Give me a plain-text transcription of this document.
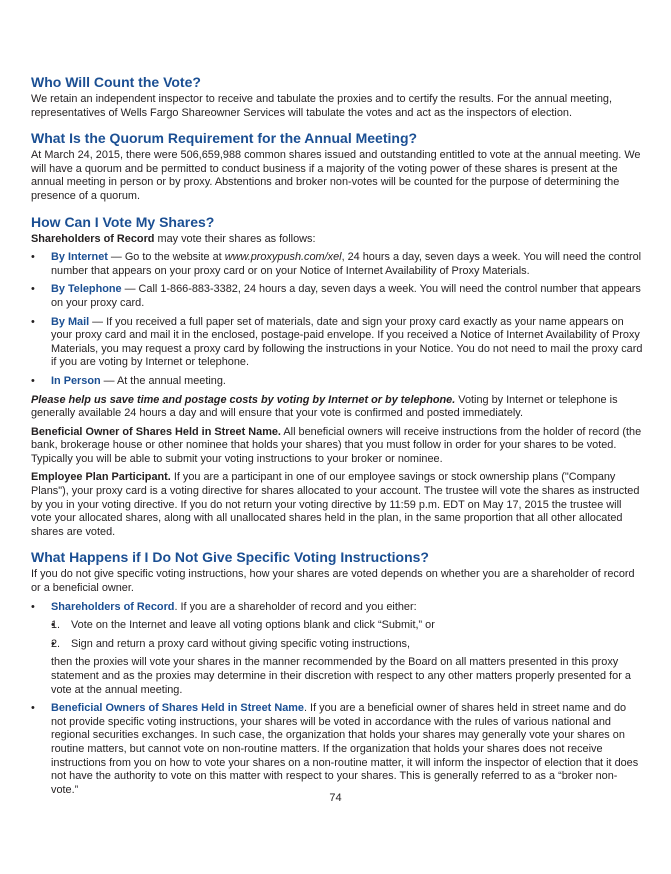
Who Will Count the Vote?

We retain an independent inspector to receive and tabulate the proxies and to certify the results. For the annual meeting, representatives of Wells Fargo Shareowner Services will tabulate the votes and act as the inspectors of election.

What Is the Quorum Requirement for the Annual Meeting?

At March 24, 2015, there were 506,659,988 common shares issued and outstanding entitled to vote at the annual meeting. We will have a quorum and be permitted to conduct business if a majority of the voting power of these shares is present at the annual meeting in person or by proxy. Abstentions and broker non-votes will be counted for the purpose of determining the presence of a quorum.

How Can I Vote My Shares?

Shareholders of Record may vote their shares as follows:

• By Internet — Go to the website at www.proxypush.com/xel, 24 hours a day, seven days a week. You will need the control number that appears on your proxy card or on your Notice of Internet Availability of Proxy Materials.
• By Telephone — Call 1-866-883-3382, 24 hours a day, seven days a week. You will need the control number that appears on your proxy card.
• By Mail — If you received a full paper set of materials, date and sign your proxy card exactly as your name appears on your proxy card and mail it in the enclosed, postage-paid envelope. If you received a Notice of Internet Availability of Proxy Materials, you may request a proxy card by following the instructions in your Notice. You do not need to mail the proxy card if you are voting by Internet or telephone.
• In Person — At the annual meeting.

Please help us save time and postage costs by voting by Internet or by telephone. Voting by Internet or telephone is generally available 24 hours a day and will ensure that your vote is confirmed and posted immediately.

Beneficial Owner of Shares Held in Street Name. All beneficial owners will receive instructions from the holder of record (the bank, brokerage house or other nominee that holds your shares) that you must follow in order for your shares to be voted. Typically you will be able to submit your voting instructions to your broker or nominee.

Employee Plan Participant. If you are a participant in one of our employee savings or stock ownership plans ("Company Plans"), your proxy card is a voting directive for shares allocated to your account. The trustee will vote the shares as instructed by you in your voting directive. If you do not return your voting directive by 11:59 p.m. EDT on May 17, 2015 the trustee will vote your allocated shares, along with all unallocated shares held in the plan, in the same proportion that all other allocated shares are voted.

What Happens if I Do Not Give Specific Voting Instructions?

If you do not give specific voting instructions, how your shares are voted depends on whether you are a shareholder of record or a beneficial owner.

• Shareholders of Record. If you are a shareholder of record and you either:
• 1. Vote on the Internet and leave all voting options blank and click “Submit,” or
• 2. Sign and return a proxy card without giving specific voting instructions,
then the proxies will vote your shares in the manner recommended by the Board on all matters presented in this proxy statement and as the proxies may determine in their discretion with respect to any other matters properly presented for a vote at the annual meeting.
• Beneficial Owners of Shares Held in Street Name. If you are a beneficial owner of shares held in street name and do not provide specific voting instructions, your shares will be voted in accordance with the rules of various national and regional securities exchanges. In such case, the organization that holds your shares may generally vote your shares on routine matters, but cannot vote on non-routine matters. If the organization that holds your shares does not receive instructions from you on how to vote your shares on a non-routine matter, it will inform the inspector of election that it does not have the authority to vote on this matter with respect to your shares. This is generally referred to as a “broker non-vote.”
74
